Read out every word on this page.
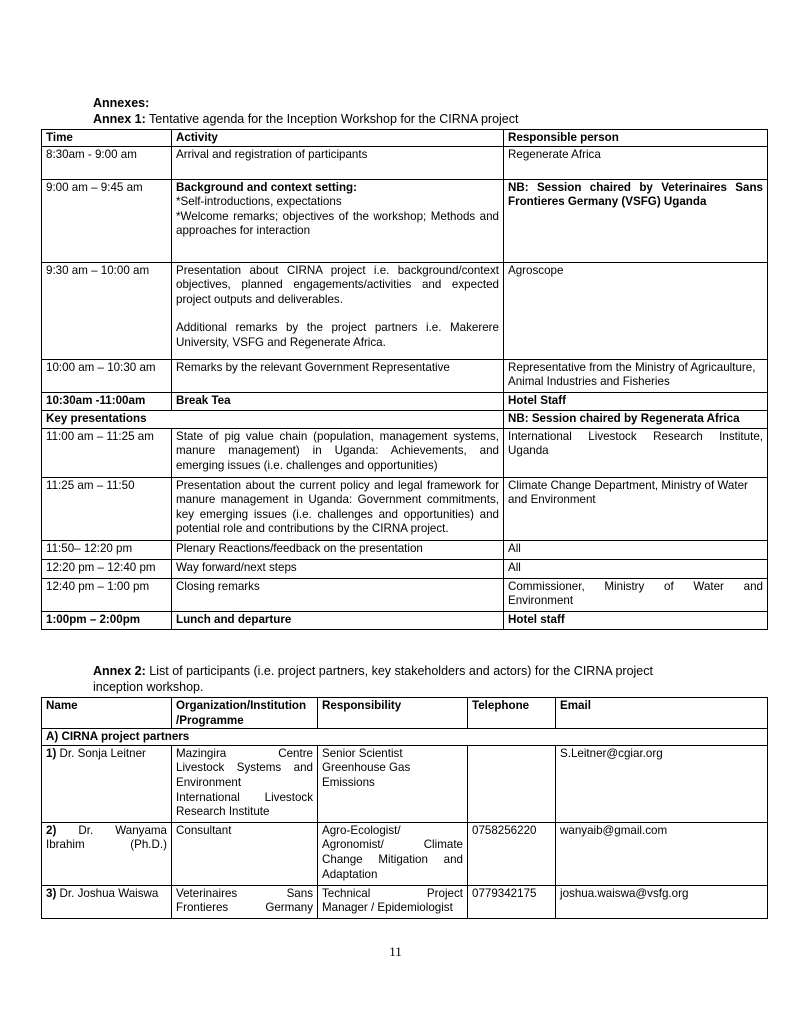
Annexes:
Annex 1: Tentative agenda for the Inception Workshop for the CIRNA project
Time	Activity	Responsible person
8:30am - 9:00 am	Arrival and registration of participants	Regenerate Africa
9:00 am – 9:45 am	Background and context setting:
*Self-introductions, expectations
*Welcome remarks; objectives of the workshop; Methods and approaches for interaction	NB: Session chaired by Veterinaires Sans Frontieres Germany (VSFG) Uganda
9:30 am – 10:00 am	Presentation about CIRNA project i.e. background/context objectives, planned engagements/activities and expected project outputs and deliverables.
Additional remarks by the project partners i.e. Makerere University, VSFG and Regenerate Africa.	Agroscope
10:00 am – 10:30 am	Remarks by the relevant Government Representative	Representative from the Ministry of Agricaulture, Animal Industries and Fisheries
10:30am -11:00am	Break Tea	Hotel Staff
Key presentations		NB: Session chaired by Regenerata Africa
11:00 am – 11:25 am	State of pig value chain (population, management systems, manure management) in Uganda: Achievements, and emerging issues (i.e. challenges and opportunities)	International Livestock Research Institute, Uganda
11:25 am – 11:50	Presentation about the current policy and legal framework for manure management in Uganda: Government commitments, key emerging issues (i.e. challenges and opportunities) and potential role and contributions by the CIRNA project.	Climate Change Department, Ministry of Water and Environment
11:50– 12:20 pm	Plenary Reactions/feedback on the presentation	All
12:20 pm – 12:40 pm	Way forward/next steps	All
12:40 pm – 1:00 pm	Closing remarks	Commissioner, Ministry of Water and Environment
1:00pm – 2:00pm	Lunch and departure	Hotel staff
Annex 2: List of participants (i.e. project partners, key stakeholders and actors) for the CIRNA project
inception workshop.
Name	Organization/Institution /Programme	Responsibility	Telephone	Email
A) CIRNA project partners				
1) Dr. Sonja Leitner	Mazingira Centre
Livestock Systems and
Environment
International Livestock
Research Institute	Senior Scientist
Greenhouse Gas
Emissions		S.Leitner@cgiar.org
2) Dr. Wanyama Ibrahim (Ph.D.)	Consultant	Agro-Ecologist/
Agronomist/ Climate
Change Mitigation and
Adaptation	0758256220	wanyaib@gmail.com
3) Dr. Joshua Waiswa	Veterinaires Sans
Frontieres Germany	Technical Project
Manager / Epidemiologist	0779342175	joshua.waiswa@vsfg.org
11
